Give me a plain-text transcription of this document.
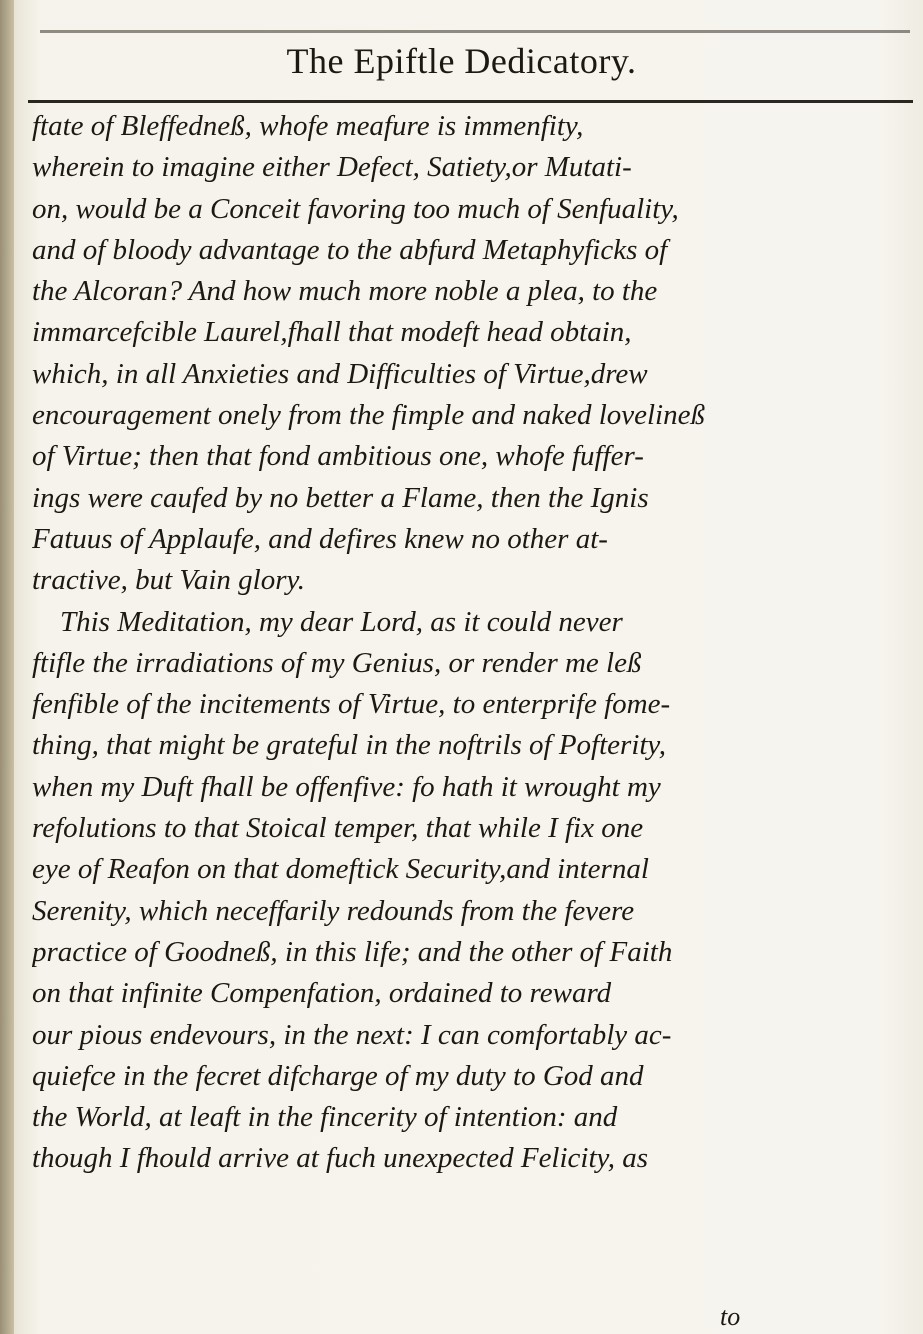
The Epiftle Dedicatory.
ftate of Bleffedneß, whofe meafure is immenfity,
wherein to imagine either Defect, Satiety,or Mutati-
on, would be a Conceit favoring too much of Senfuality,
and of bloody advantage to the abfurd Metaphyficks of
the Alcoran? And how much more noble a plea, to the
immarcefcible Laurel,fhall that modeft head obtain,
which, in all Anxieties and Difficulties of Virtue,drew
encouragement onely from the fimple and naked lovelineß
of Virtue; then that fond ambitious one, whofe fuffer-
ings were caufed by no better a Flame, then the Ignis
Fatuus of Applaufe, and defires knew no other at-
tractive, but Vain glory.
This Meditation, my dear Lord, as it could never
ftifle the irradiations of my Genius, or render me leß
fenfible of the incitements of Virtue, to enterprife fome-
thing, that might be grateful in the noftrils of Pofterity,
when my Duft fhall be offenfive: fo hath it wrought my
refolutions to that Stoical temper, that while I fix one
eye of Reafon on that domeftick Security,and internal
Serenity, which neceffarily redounds from the fevere
practice of Goodneß, in this life; and the other of Faith
on that infinite Compenfation, ordained to reward
our pious endevours, in the next: I can comfortably ac-
quiefce in the fecret difcharge of my duty to God and
the World, at leaft in the fincerity of intention: and
though I fhould arrive at fuch unexpected Felicity, as
to
